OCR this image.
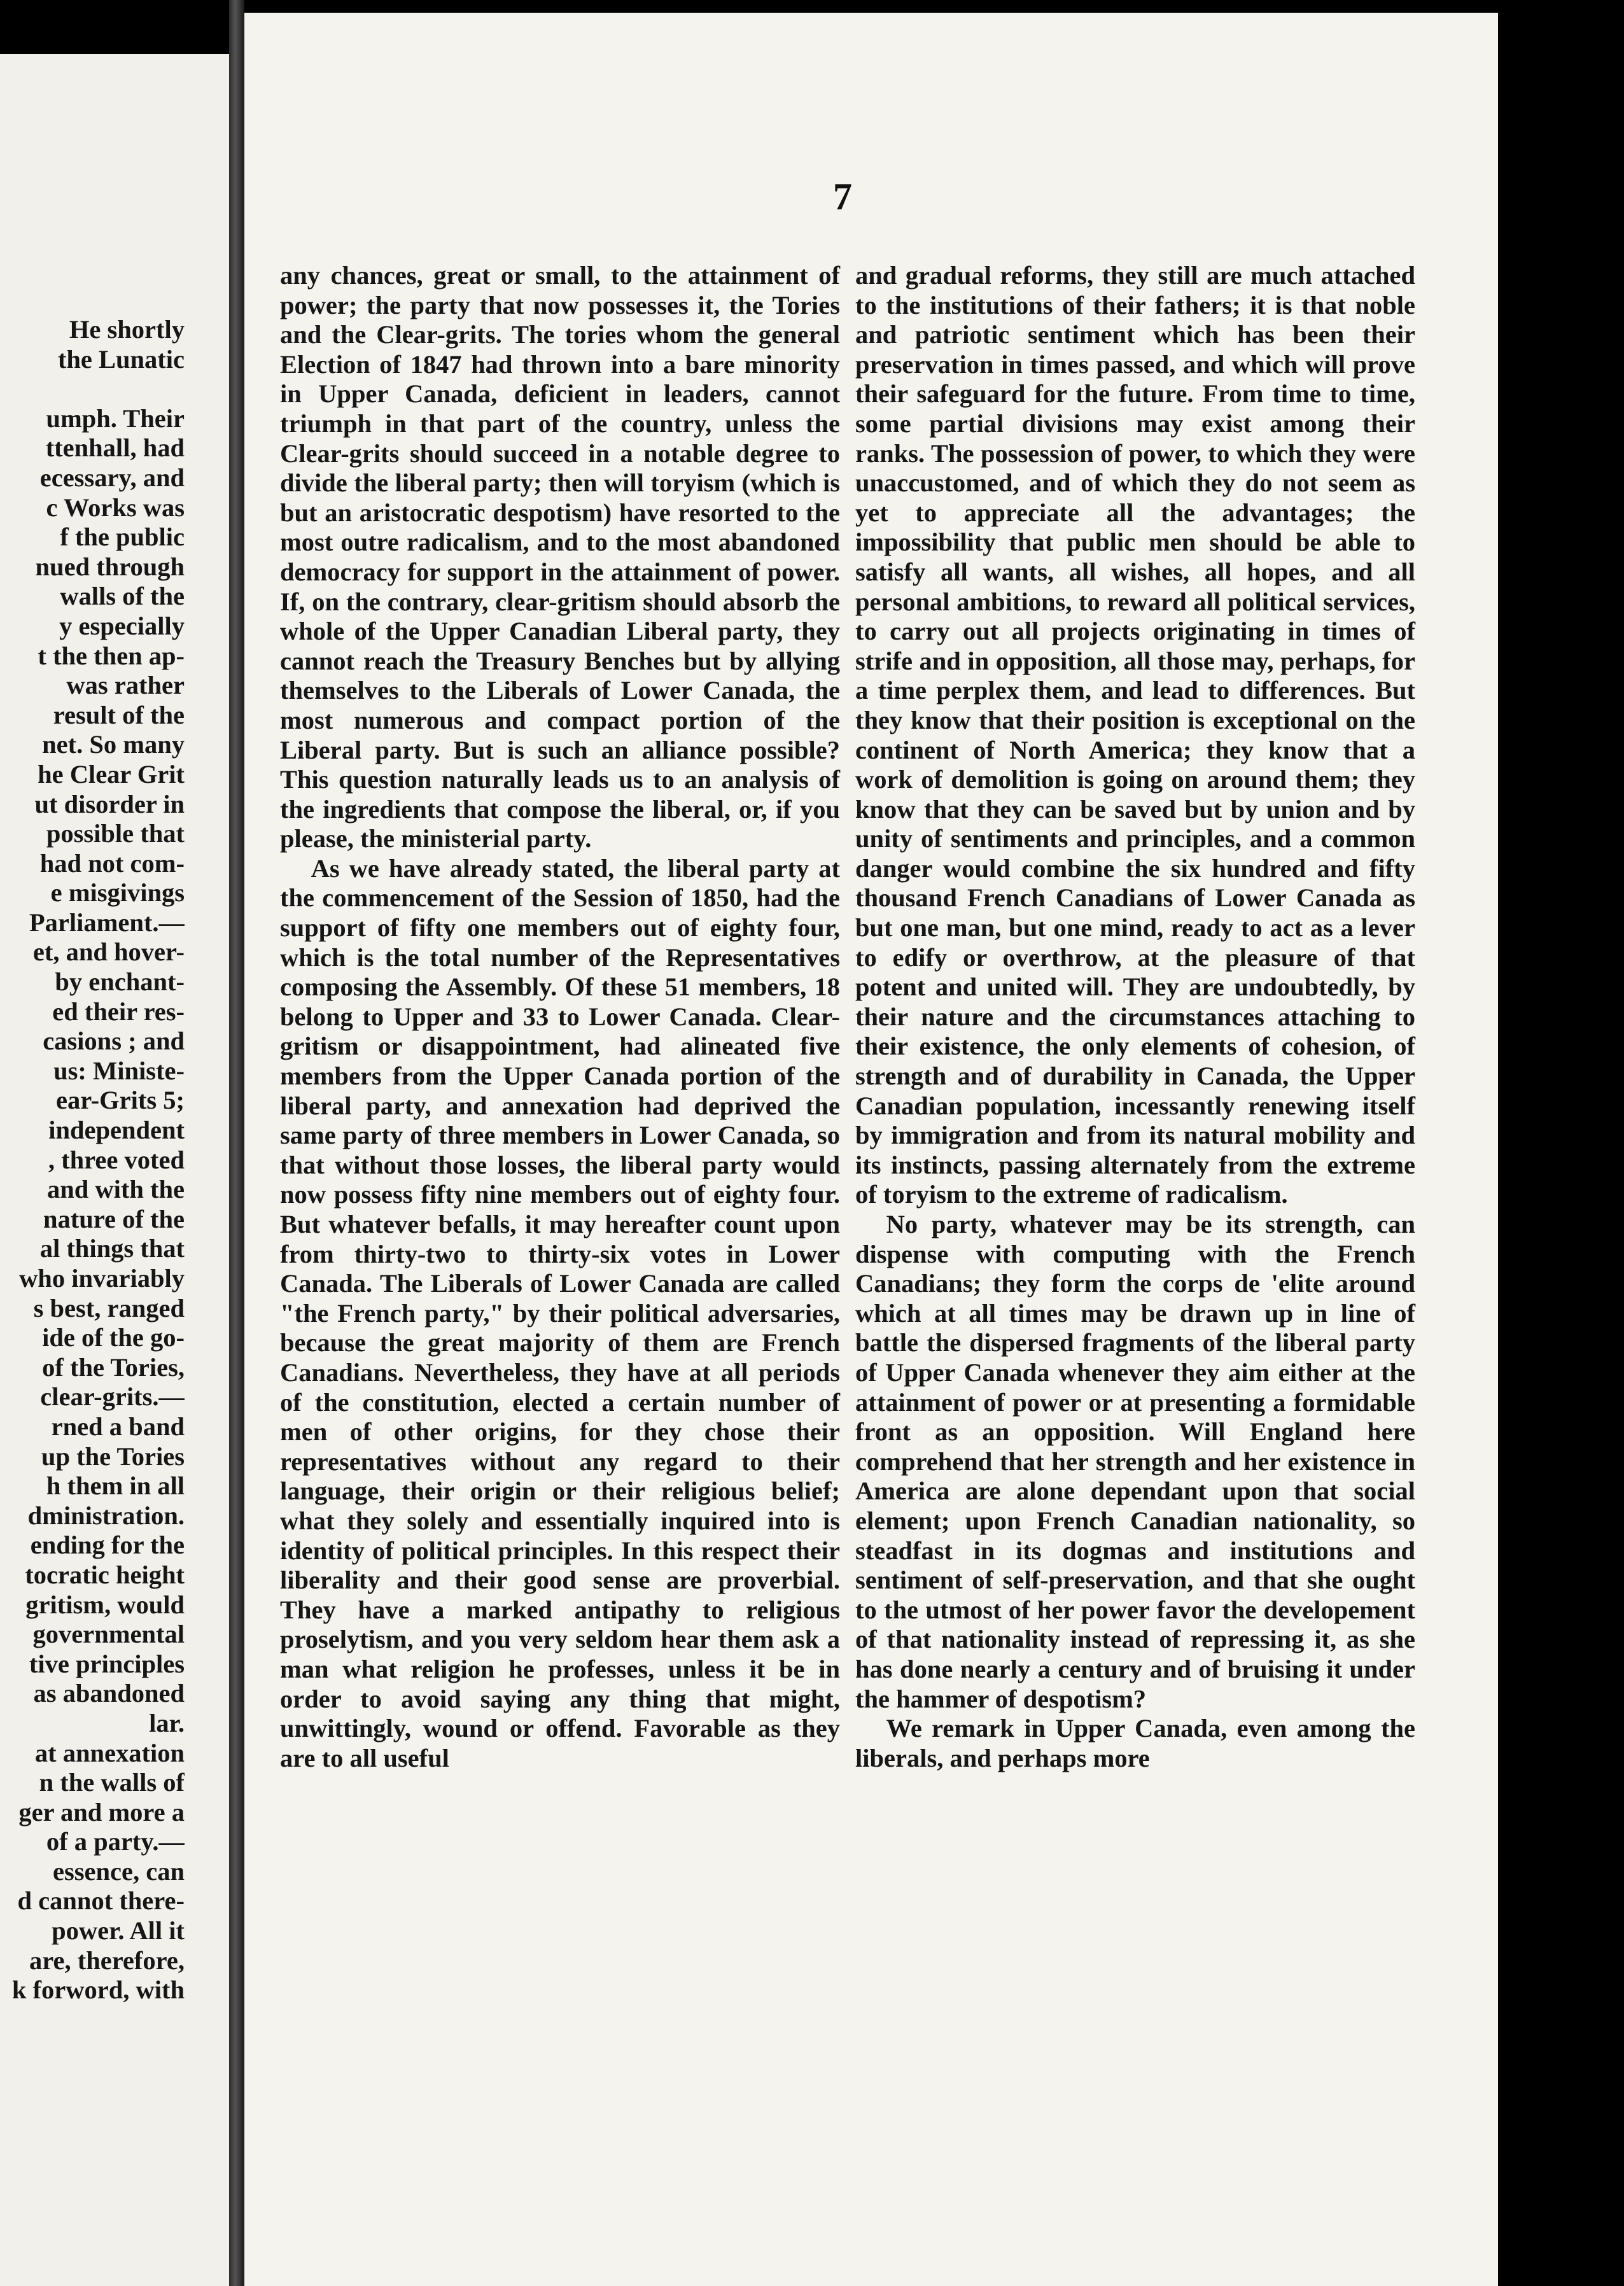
He shortly
the Lunatic

umph. Their
ttenhall, had
ecessary, and
c Works was
f the public
nued through
walls of the
y especially
t the then ap-
was rather
result of the
net. So many
he Clear Grit
ut disorder in
possible that
had not com-
e misgivings
Parliament.—
et, and hover-
by enchant-
ed their res-
casions ; and
us: Ministe-
ear-Grits 5;
independent
, three voted
and with the
nature of the
al things that
who invariably
s best, ranged
ide of the go-
of the Tories,
clear-grits.—
rned a band
up the Tories
h them in all
dministration.
ending for the
tocratic height
gritism, would
governmental
tive principles
as abandoned
lar.
at annexation
n the walls of
ger and more a
of a party.—
essence, can
d cannot there-
power. All it
are, therefore,
k forword, with
7

any chances, great or small, to the attainment of power; the party that now possesses it, the Tories and the Clear-grits. The tories whom the general Election of 1847 had thrown into a bare minority in Upper Canada, deficient in leaders, cannot triumph in that part of the country, unless the Clear-grits should succeed in a notable degree to divide the liberal party; then will toryism (which is but an aristocratic despotism) have resorted to the most outre radicalism, and to the most abandoned democracy for support in the attainment of power. If, on the contrary, clear-gritism should absorb the whole of the Upper Canadian Liberal party, they cannot reach the Treasury Benches but by allying themselves to the Liberals of Lower Canada, the most numerous and compact portion of the Liberal party. But is such an alliance possible? This question naturally leads us to an analysis of the ingredients that compose the liberal, or, if you please, the ministerial party.

As we have already stated, the liberal party at the commencement of the Session of 1850, had the support of fifty one members out of eighty four, which is the total number of the Representatives composing the Assembly. Of these 51 members, 18 belong to Upper and 33 to Lower Canada. Clear-gritism or disappointment, had alineated five members from the Upper Canada portion of the liberal party, and annexation had deprived the same party of three members in Lower Canada, so that without those losses, the liberal party would now possess fifty nine members out of eighty four. But whatever befalls, it may hereafter count upon from thirty-two to thirty-six votes in Lower Canada. The Liberals of Lower Canada are called "the French party," by their political adversaries, because the great majority of them are French Canadians. Nevertheless, they have at all periods of the constitution, elected a certain number of men of other origins, for they chose their representatives without any regard to their language, their origin or their religious belief; what they solely and essentially inquired into is identity of political principles. In this respect their liberality and their good sense are proverbial. They have a marked antipathy to religious proselytism, and you very seldom hear them ask a man what religion he professes, unless it be in order to avoid saying any thing that might, unwittingly, wound or offend. Favorable as they are to all useful

and gradual reforms, they still are much attached to the institutions of their fathers; it is that noble and patriotic sentiment which has been their preservation in times passed, and which will prove their safeguard for the future. From time to time, some partial divisions may exist among their ranks. The possession of power, to which they were unaccustomed, and of which they do not seem as yet to appreciate all the advantages; the impossibility that public men should be able to satisfy all wants, all wishes, all hopes, and all personal ambitions, to reward all political services, to carry out all projects originating in times of strife and in opposition, all those may, perhaps, for a time perplex them, and lead to differences. But they know that their position is exceptional on the continent of North America; they know that a work of demolition is going on around them; they know that they can be saved but by union and by unity of sentiments and principles, and a common danger would combine the six hundred and fifty thousand French Canadians of Lower Canada as but one man, but one mind, ready to act as a lever to edify or overthrow, at the pleasure of that potent and united will. They are undoubtedly, by their nature and the circumstances attaching to their existence, the only elements of cohesion, of strength and of durability in Canada, the Upper Canadian population, incessantly renewing itself by immigration and from its natural mobility and its instincts, passing alternately from the extreme of toryism to the extreme of radicalism.

No party, whatever may be its strength, can dispense with computing with the French Canadians; they form the corps de 'elite around which at all times may be drawn up in line of battle the dispersed fragments of the liberal party of Upper Canada whenever they aim either at the attainment of power or at presenting a formidable front as an opposition. Will England here comprehend that her strength and her existence in America are alone dependant upon that social element; upon French Canadian nationality, so steadfast in its dogmas and institutions and sentiment of self-preservation, and that she ought to the utmost of her power favor the developement of that nationality instead of repressing it, as she has done nearly a century and of bruising it under the hammer of despotism?

We remark in Upper Canada, even among the liberals, and perhaps more
